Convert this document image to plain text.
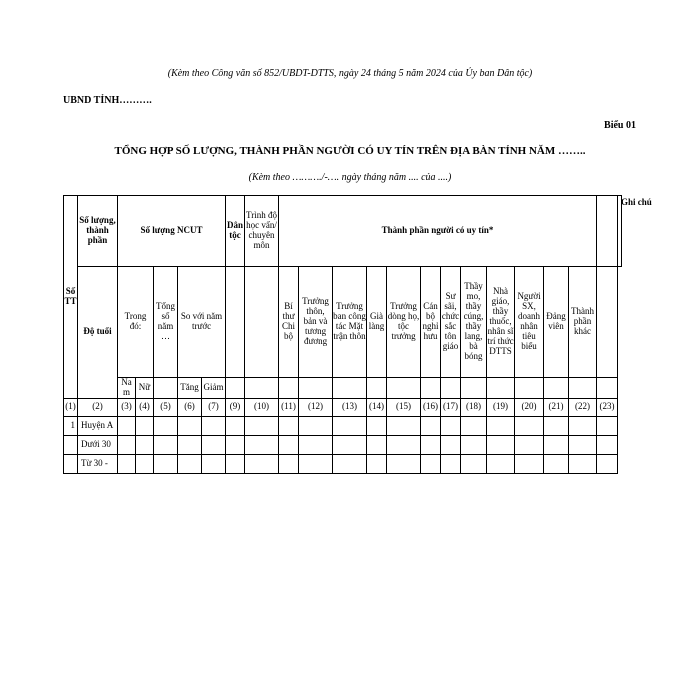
(Kèm theo Công văn số 852/UBDT-DTTS, ngày 24 tháng 5 năm 2024 của Ủy ban Dân tộc)
UBND TỈNH……….
Biểu 01
TỔNG HỢP SỐ LƯỢNG, THÀNH PHẦN NGƯỜI CÓ UY TÍN TRÊN ĐỊA BÀN TỈNH NĂM ……..
(Kèm theo ………./-…. ngày tháng năm .... của ....)
Số TT	Số lượng, thành phần	Số lượng NCUT					Dân tộc	Trình độ học vấn/ chuyên môn	Thành phần người có uy tín*													Ghi chú
	Độ tuổi	Trong đó:		Tổng số năm …	So với năm trước				Bí thư Chi bộ	Trưởng thôn, bản và tương đương	Trưởng ban công tác Mặt trận thôn	Già làng	Trưởng dòng họ, tộc trưởng	Cán bộ nghỉ hưu	Sư sãi, chức sắc tôn giáo	Thầy mo, thầy cúng, thầy lang, bà bóng	Nhà giáo, thầy thuốc, nhân sĩ trí thức DTTS	Người SX, doanh nhân tiêu biểu	Đảng viên	Thành phần khác		
		Nam	Nữ		Tăng	Giảm																
(1)	(2)	(3)	(4)	(5)	(6)	(7)	(9)	(10)	(11)	(12)	(13)	(14)	(15)	(16)	(17)	(18)	(19)	(20)	(21)	(22)	(23)	
1	Huyện A																					
	Dưới 30																					
	Từ 30 -																					
